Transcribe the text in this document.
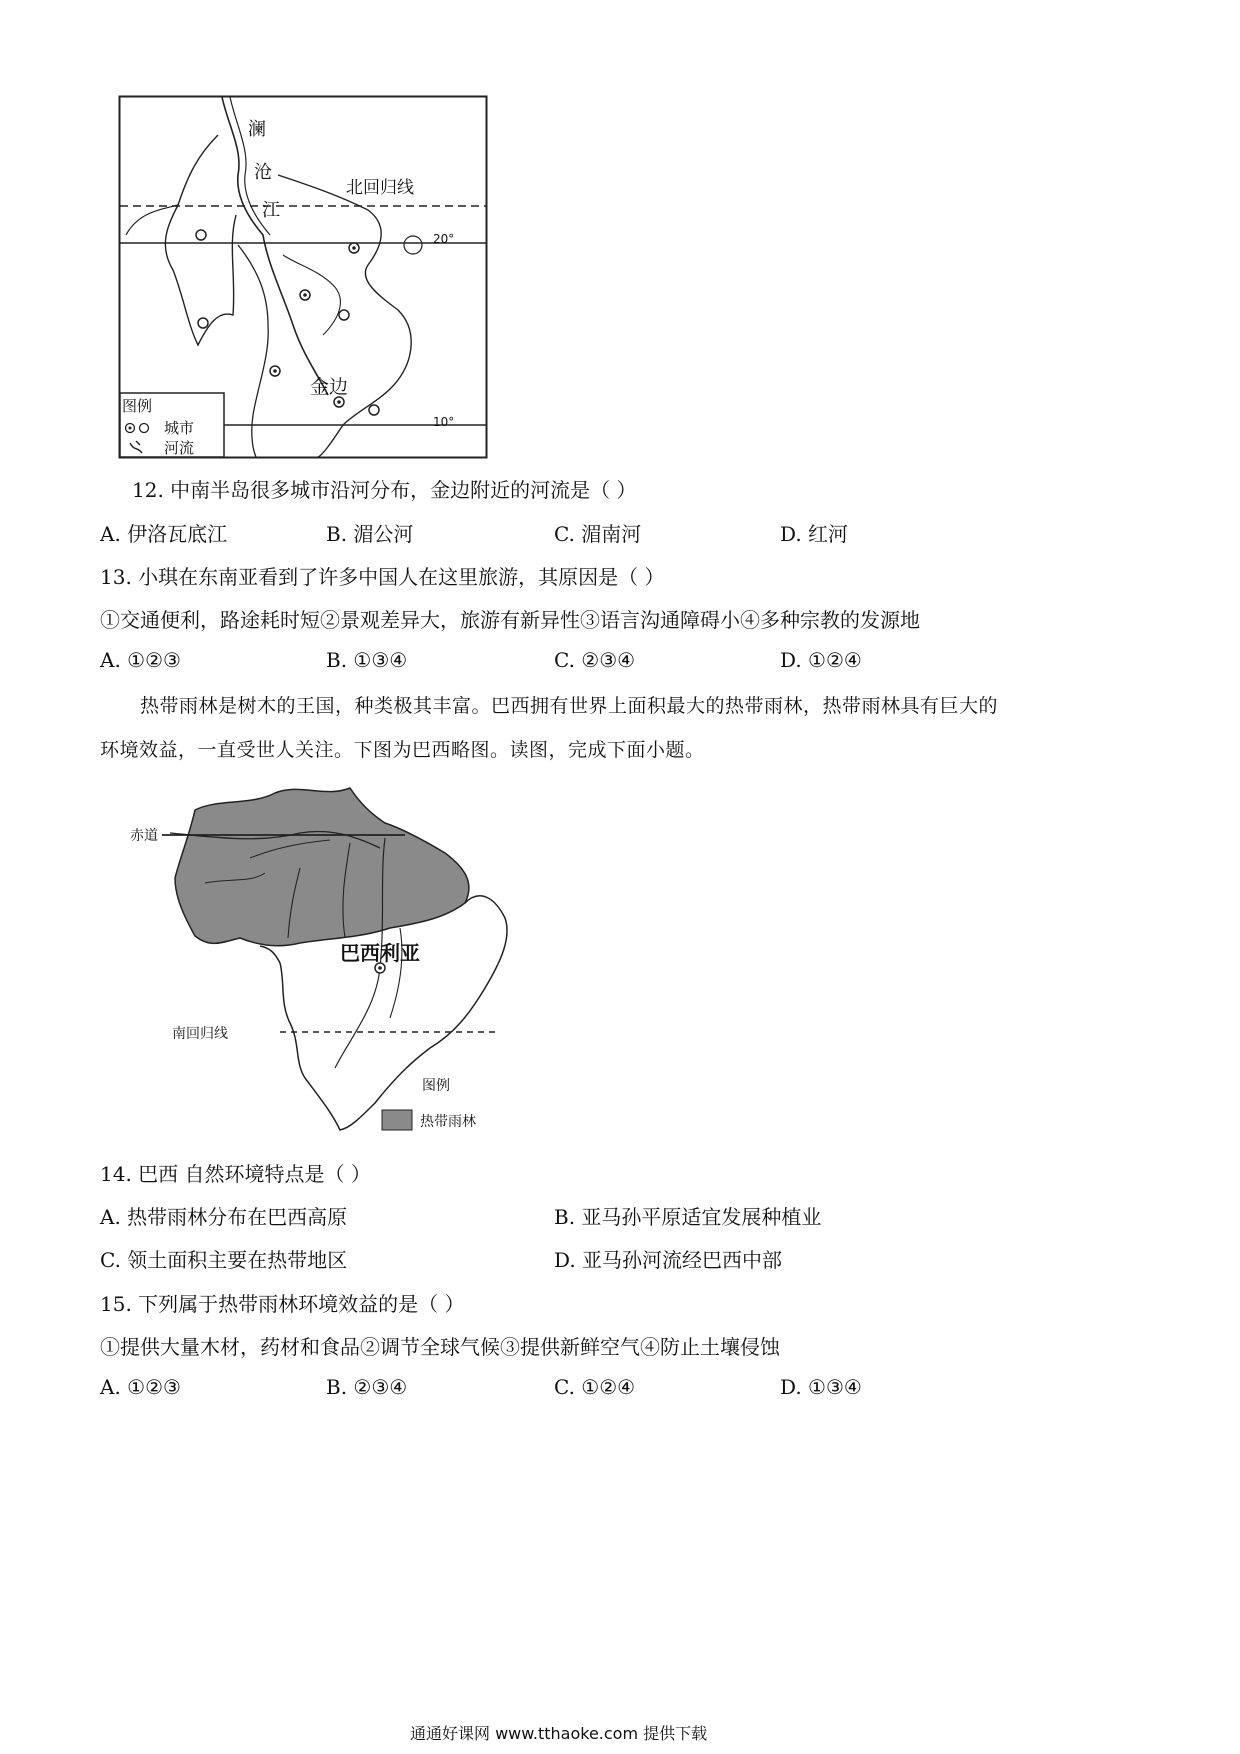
澜
沧
江
北回归线
20°
金边
10°
图例
城市
河流
12. 中南半岛很多城市沿河分布，金边附近的河流是（ ）
A. 伊洛瓦底江	B. 湄公河	C. 湄南河	D. 红河
13. 小琪在东南亚看到了许多中国人在这里旅游，其原因是（ ）
①交通便利，路途耗时短②景观差异大，旅游有新异性③语言沟通障碍小④多种宗教的发源地
A. ①②③	B. ①③④	C. ②③④	D. ①②④
热带雨林是树木的王国，种类极其丰富。巴西拥有世界上面积最大的热带雨林，热带雨林具有巨大的
环境效益，一直受世人关注。下图为巴西略图。读图，完成下面小题。
赤道
巴西利亚
南回归线
图例
热带雨林
14. 巴西 自然环境特点是（ ）
A. 热带雨林分布在巴西高原	B. 亚马孙平原适宜发展种植业
C. 领土面积主要在热带地区	D. 亚马孙河流经巴西中部
15. 下列属于热带雨林环境效益的是（ ）
①提供大量木材，药材和食品②调节全球气候③提供新鲜空气④防止土壤侵蚀
A. ①②③	B. ②③④	C. ①②④	D. ①③④
通通好课网 www.tthaoke.com 提供下载
